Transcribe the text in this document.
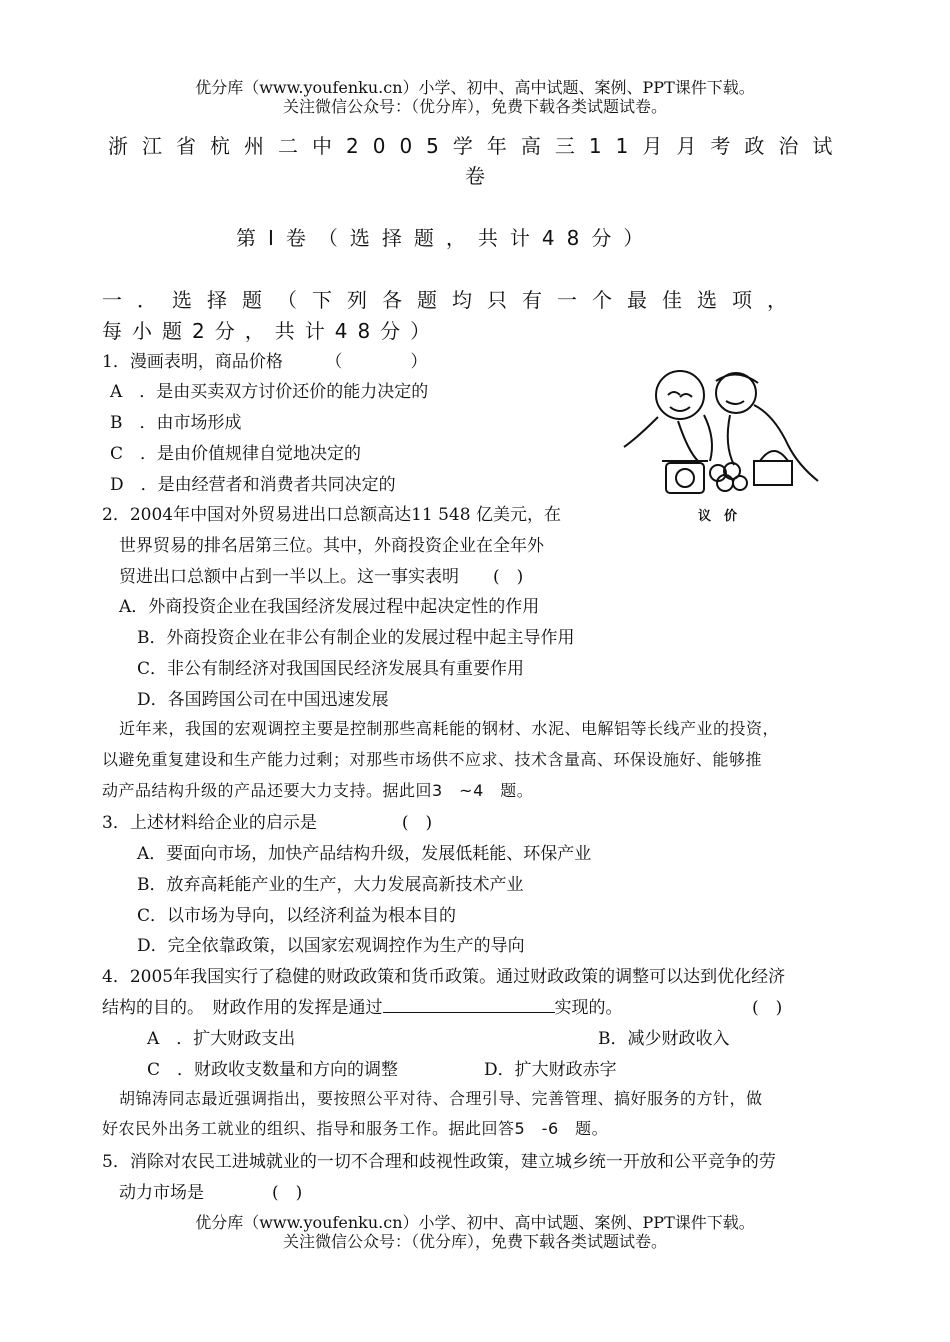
优分库（www.youfenku.cn）小学、初中、高中试题、案例、PPT课件下载。
关注微信公众号：（优分库），免费下载各类试题试卷。
浙江省杭州二中2005学年高三11月月考政治试
卷
第Ⅰ卷（选择题，共计48分）
一．选择题（下列各题均只有一个最佳选项，
每小题2分，共计48分）
1．漫画表明，商品价格　　　（　　　　）
A　．是由买卖双方讨价还价的能力决定的
B　．由市场形成
C　．是由价值规律自觉地决定的
D　．是由经营者和消费者共同决定的
议　价
2．2004年中国对外贸易进出口总额高达11 548 亿美元，在
世界贸易的排名居第三位。其中，外商投资企业在全年外
贸进出口总额中占到一半以上。这一事实表明　　(　)
A．外商投资企业在我国经济发展过程中起决定性的作用
B．外商投资企业在非公有制企业的发展过程中起主导作用
C．非公有制经济对我国国民经济发展具有重要作用
D．各国跨国公司在中国迅速发展
近年来，我国的宏观调控主要是控制那些高耗能的钢材、水泥、电解铝等长线产业的投资，
以避免重复建设和生产能力过剩；对那些市场供不应求、技术含量高、环保设施好、能够推
动产品结构升级的产品还要大力支持。据此回3　~4　题。
3．上述材料给企业的启示是　　　　　(　)
A．要面向市场，加快产品结构升级，发展低耗能、环保产业
B．放弃高耗能产业的生产，大力发展高新技术产业
C．以市场为导向，以经济利益为根本目的
D．完全依靠政策，以国家宏观调控作为生产的导向
4．2005年我国实行了稳健的财政政策和货币政策。通过财政政策的调整可以达到优化经济
结构的目的。　财政作用的发挥是通过	实现的。	(　)
A　．扩大财政支出	B．减少财政收入
C　．财政收支数量和方向的调整	D．扩大财政赤字
胡锦涛同志最近强调指出，要按照公平对待、合理引导、完善管理、搞好服务的方针，做
好农民外出务工就业的组织、指导和服务工作。据此回答5　-6　题。
5．消除对农民工进城就业的一切不合理和歧视性政策，建立城乡统一开放和公平竞争的劳
动力市场是　　　　(　)
优分库（www.youfenku.cn）小学、初中、高中试题、案例、PPT课件下载。
关注微信公众号：（优分库），免费下载各类试题试卷。
